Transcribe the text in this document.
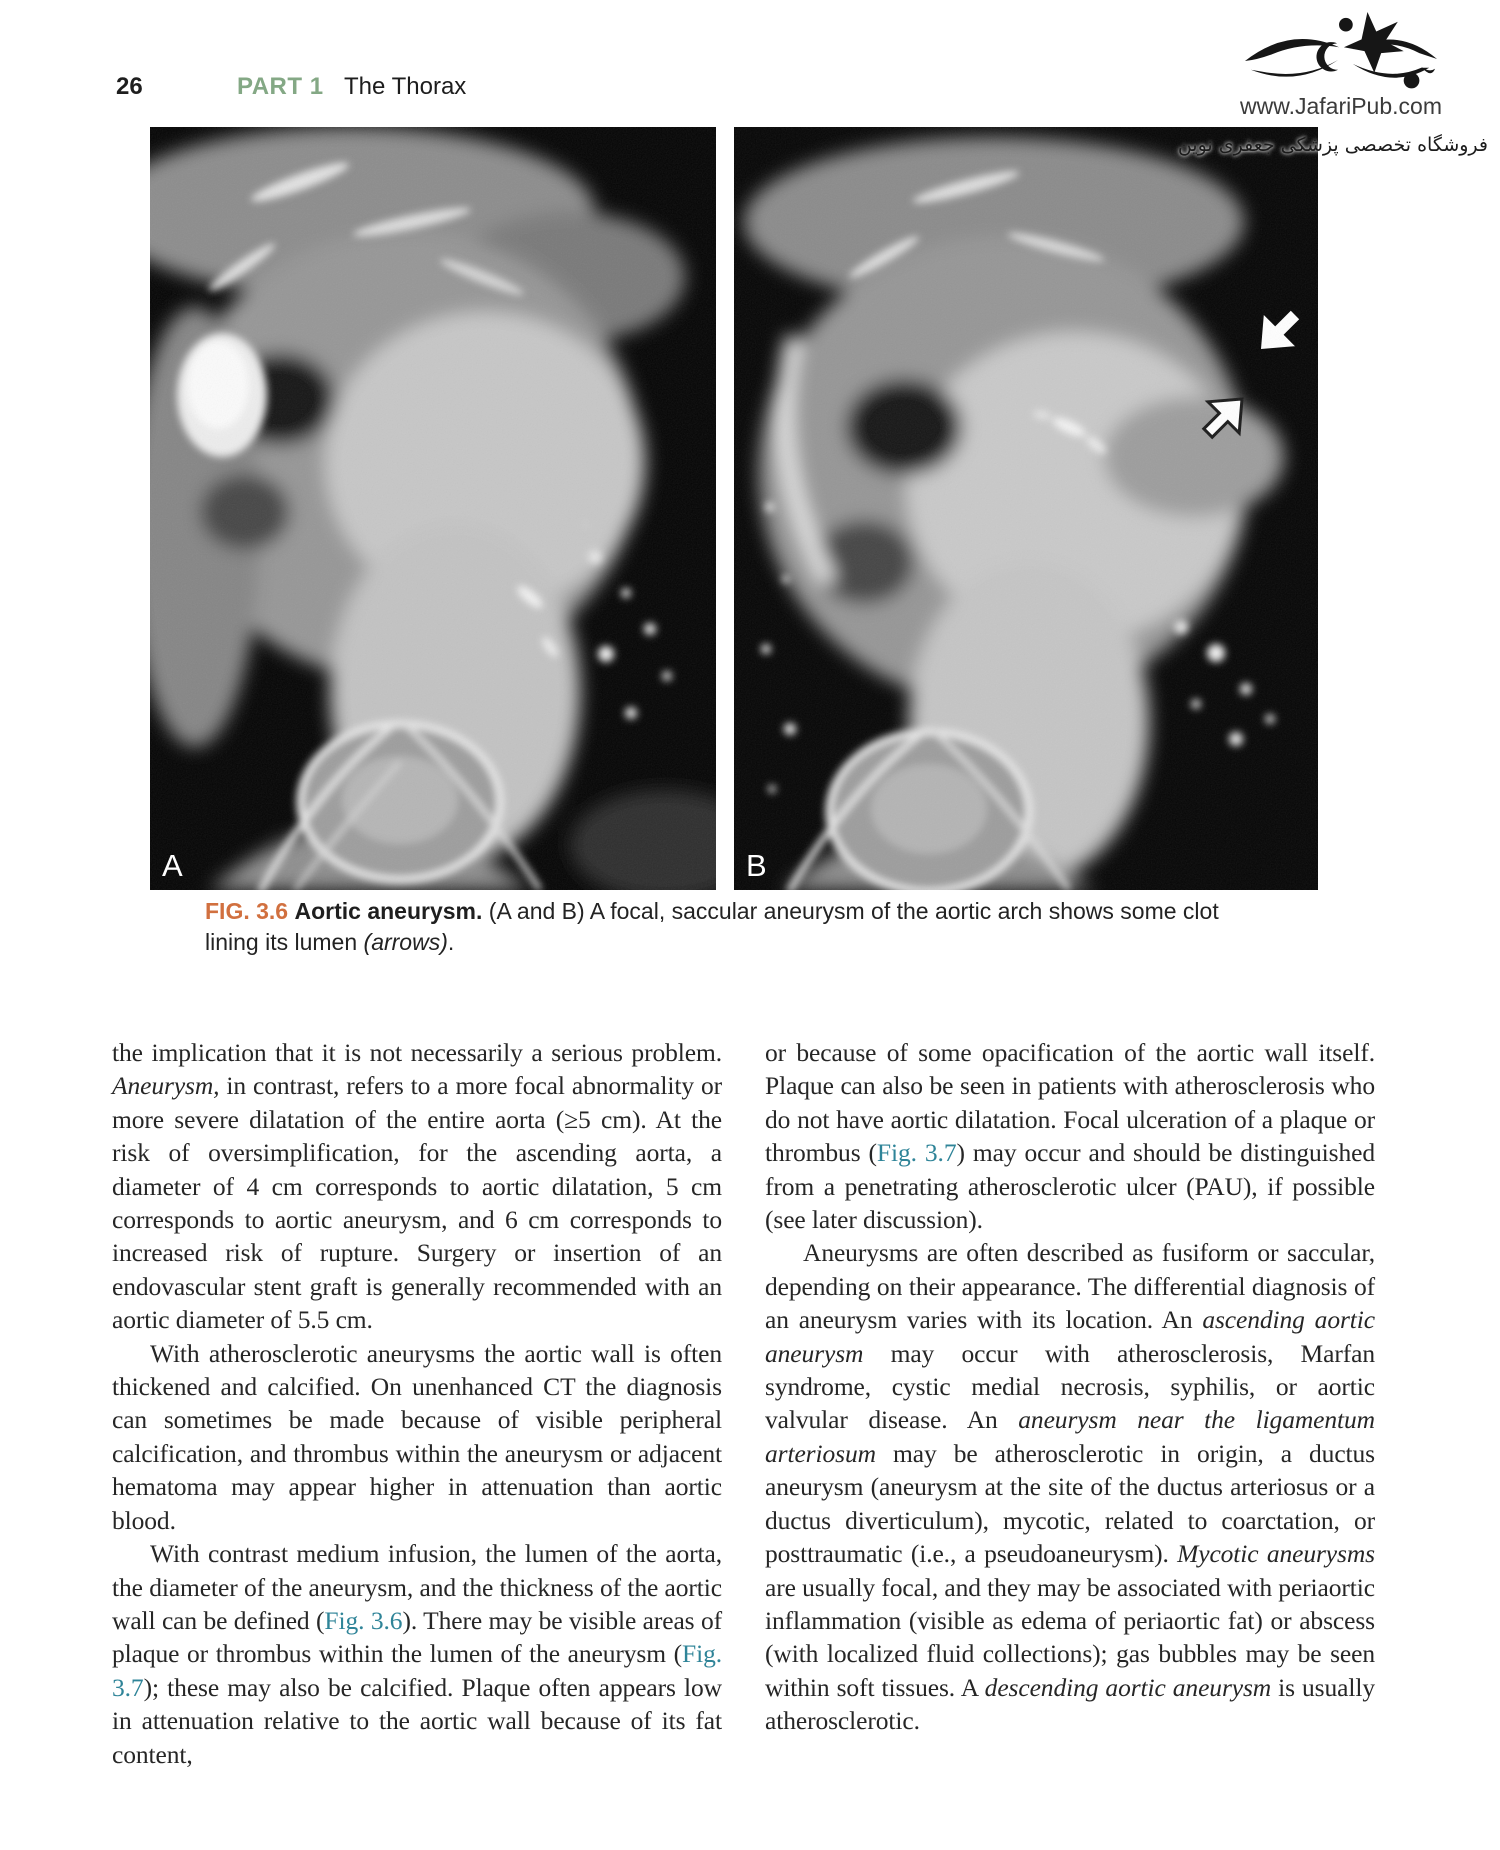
26	PART 1 The Thorax
www.JafariPub.com
فروشگاه تخصصی پزشکی جعفری نوین
A	B
FIG. 3.6 Aortic aneurysm. (A and B) A focal, saccular aneurysm of the aortic arch shows some clot lining its lumen (arrows).

the implication that it is not necessarily a serious problem. Aneurysm, in contrast, refers to a more focal abnormality or more severe dilatation of the entire aorta (≥5 cm). At the risk of oversimplification, for the ascending aorta, a diameter of 4 cm corresponds to aortic dilatation, 5 cm corresponds to aortic aneurysm, and 6 cm corresponds to increased risk of rupture. Surgery or insertion of an endovascular stent graft is generally recommended with an aortic diameter of 5.5 cm.

With atherosclerotic aneurysms the aortic wall is often thickened and calcified. On unenhanced CT the diagnosis can sometimes be made because of visible peripheral calcification, and thrombus within the aneurysm or adjacent hematoma may appear higher in attenuation than aortic blood.

With contrast medium infusion, the lumen of the aorta, the diameter of the aneurysm, and the thickness of the aortic wall can be defined (Fig. 3.6). There may be visible areas of plaque or thrombus within the lumen of the aneurysm (Fig. 3.7); these may also be calcified. Plaque often appears low in attenuation relative to the aortic wall because of its fat content,

or because of some opacification of the aortic wall itself. Plaque can also be seen in patients with atherosclerosis who do not have aortic dilatation. Focal ulceration of a plaque or thrombus (Fig. 3.7) may occur and should be distinguished from a penetrating atherosclerotic ulcer (PAU), if possible (see later discussion).

Aneurysms are often described as fusiform or saccular, depending on their appearance. The differential diagnosis of an aneurysm varies with its location. An ascending aortic aneurysm may occur with atherosclerosis, Marfan syndrome, cystic medial necrosis, syphilis, or aortic valvular disease. An aneurysm near the ligamentum arteriosum may be atherosclerotic in origin, a ductus aneurysm (aneurysm at the site of the ductus arteriosus or a ductus diverticulum), mycotic, related to coarctation, or posttraumatic (i.e., a pseudoaneurysm). Mycotic aneurysms are usually focal, and they may be associated with periaortic inflammation (visible as edema of periaortic fat) or abscess (with localized fluid collections); gas bubbles may be seen within soft tissues. A descending aortic aneurysm is usually atherosclerotic.
